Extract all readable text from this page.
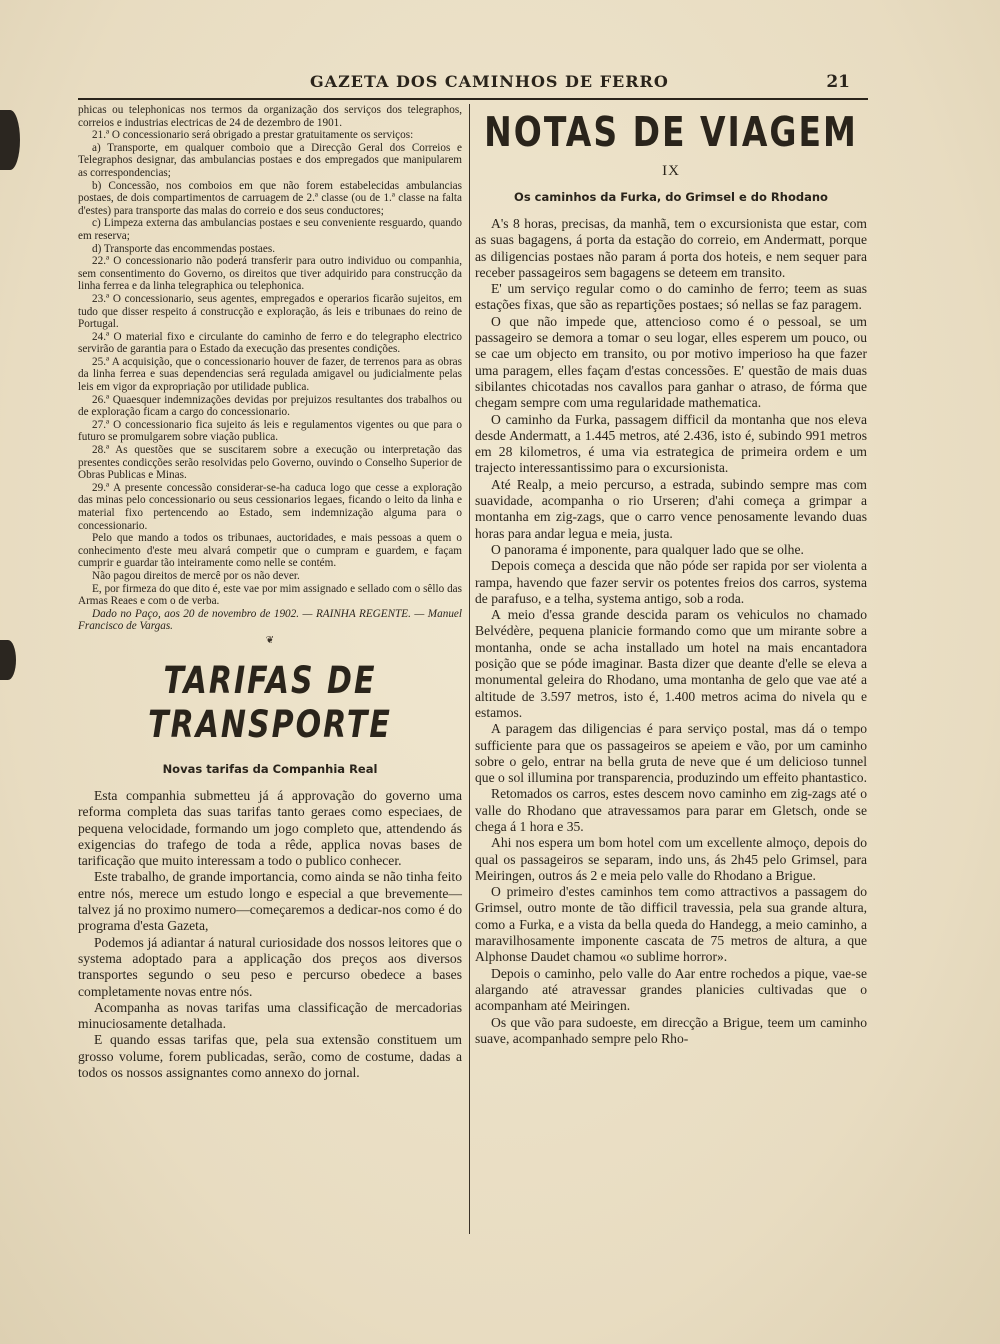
GAZETA DOS CAMINHOS DE FERRO	21

phicas ou telephonicas nos termos da organização dos serviços dos telegraphos, correios e industrias electricas de 24 de dezembro de 1901.

21.ª O concessionario será obrigado a prestar gratuitamente os serviços:

a) Transporte, em qualquer comboio que a Direcção Geral dos Correios e Telegraphos designar, das ambulancias postaes e dos empregados que manipularem as correspondencias;

b) Concessão, nos comboios em que não forem estabelecidas ambulancias postaes, de dois compartimentos de carruagem de 2.ª classe (ou de 1.ª classe na falta d'estes) para transporte das malas do correio e dos seus conductores;

c) Limpeza externa das ambulancias postaes e seu conveniente resguardo, quando em reserva;

d) Transporte das encommendas postaes.

22.ª O concessionario não poderá transferir para outro individuo ou companhia, sem consentimento do Governo, os direitos que tiver adquirido para construcção da linha ferrea e da linha telegraphica ou telephonica.

23.ª O concessionario, seus agentes, empregados e operarios ficarão sujeitos, em tudo que disser respeito á construcção e exploração, ás leis e tribunaes do reino de Portugal.

24.ª O material fixo e circulante do caminho de ferro e do telegrapho electrico servirão de garantia para o Estado da execução das presentes condições.

25.ª A acquisição, que o concessionario houver de fazer, de terrenos para as obras da linha ferrea e suas dependencias será regulada amigavel ou judicialmente pelas leis em vigor da expropriação por utilidade publica.

26.ª Quaesquer indemnizações devidas por prejuizos resultantes dos trabalhos ou de exploração ficam a cargo do concessionario.

27.ª O concessionario fica sujeito ás leis e regulamentos vigentes ou que para o futuro se promulgarem sobre viação publica.

28.ª As questões que se suscitarem sobre a execução ou interpretação das presentes condicções serão resolvidas pelo Governo, ouvindo o Conselho Superior de Obras Publicas e Minas.

29.ª A presente concessão considerar-se-ha caduca logo que cesse a exploração das minas pelo concessionario ou seus cessionarios legaes, ficando o leito da linha e material fixo pertencendo ao Estado, sem indemnização alguma para o concessionario.

Pelo que mando a todos os tribunaes, auctoridades, e mais pessoas a quem o conhecimento d'este meu alvará competir que o cumpram e guardem, e façam cumprir e guardar tão inteiramente como nelle se contém.

Não pagou direitos de mercê por os não dever.

E, por firmeza do que dito é, este vae por mim assignado e sellado com o sêllo das Armas Reaes e com o de verba.

Dado no Paço, aos 20 de novembro de 1902. — RAINHA REGENTE. — Manuel Francisco de Vargas.

❦
TARIFAS DE TRANSPORTE
Novas tarifas da Companhia Real

Esta companhia submetteu já á approvação do governo uma reforma completa das suas tarifas tanto geraes como especiaes, de pequena velocidade, formando um jogo completo que, attendendo ás exigencias do trafego de toda a rêde, applica novas bases de tarificação que muito interessam a todo o publico conhecer.

Este trabalho, de grande importancia, como ainda se não tinha feito entre nós, merece um estudo longo e especial a que brevemente—talvez já no proximo numero—começaremos a dedicar-nos como é do programa d'esta Gazeta,

Podemos já adiantar á natural curiosidade dos nossos leitores que o systema adoptado para a applicação dos preços aos diversos transportes segundo o seu peso e percurso obedece a bases completamente novas entre nós.

Acompanha as novas tarifas uma classificação de mercadorias minuciosamente detalhada.

E quando essas tarifas que, pela sua extensão constituem um grosso volume, forem publicadas, serão, como de costume, dadas a todos os nossos assignantes como annexo do jornal.

NOTAS DE VIAGEM
IX
Os caminhos da Furka, do Grimsel e do Rhodano

A's 8 horas, precisas, da manhã, tem o excursionista que estar, com as suas bagagens, á porta da estação do correio, em Andermatt, porque as diligencias postaes não param á porta dos hoteis, e nem sequer para receber passageiros sem bagagens se deteem em transito.

E' um serviço regular como o do caminho de ferro; teem as suas estações fixas, que são as repartições postaes; só nellas se faz paragem.

O que não impede que, attencioso como é o pessoal, se um passageiro se demora a tomar o seu logar, elles esperem um pouco, ou se cae um objecto em transito, ou por motivo imperioso ha que fazer uma paragem, elles façam d'estas concessões. E' questão de mais duas sibilantes chicotadas nos cavallos para ganhar o atraso, de fórma que chegam sempre com uma regularidade mathematica.

O caminho da Furka, passagem difficil da montanha que nos eleva desde Andermatt, a 1.445 metros, até 2.436, isto é, subindo 991 metros em 28 kilometros, é uma via estrategica de primeira ordem e um trajecto interessantissimo para o excursionista.

Até Realp, a meio percurso, a estrada, subindo sempre mas com suavidade, acompanha o rio Urseren; d'ahi começa a grimpar a montanha em zig-zags, que o carro vence penosamente levando duas horas para andar legua e meia, justa.

O panorama é imponente, para qualquer lado que se olhe.

Depois começa a descida que não póde ser rapida por ser violenta a rampa, havendo que fazer servir os potentes freios dos carros, systema de parafuso, e a telha, systema antigo, sob a roda.

A meio d'essa grande descida param os vehiculos no chamado Belvédère, pequena planicie formando como que um mirante sobre a montanha, onde se acha installado um hotel na mais encantadora posição que se póde imaginar. Basta dizer que deante d'elle se eleva a monumental geleira do Rhodano, uma montanha de gelo que vae até a altitude de 3.597 metros, isto é, 1.400 metros acima do nivela qu e estamos.

A paragem das diligencias é para serviço postal, mas dá o tempo sufficiente para que os passageiros se apeiem e vão, por um caminho sobre o gelo, entrar na bella gruta de neve que é um delicioso tunnel que o sol illumina por transparencia, produzindo um effeito phantastico.

Retomados os carros, estes descem novo caminho em zig-zags até o valle do Rhodano que atravessamos para parar em Gletsch, onde se chega á 1 hora e 35.

Ahi nos espera um bom hotel com um excellente almoço, depois do qual os passageiros se separam, indo uns, ás 2h45 pelo Grimsel, para Meiringen, outros ás 2 e meia pelo valle do Rhodano a Brigue.

O primeiro d'estes caminhos tem como attractivos a passagem do Grimsel, outro monte de tão difficil travessia, pela sua grande altura, como a Furka, e a vista da bella queda do Handegg, a meio caminho, a maravilhosamente imponente cascata de 75 metros de altura, a que Alphonse Daudet chamou «o sublime horror».

Depois o caminho, pelo valle do Aar entre rochedos a pique, vae-se alargando até atravessar grandes planicies cultivadas que o acompanham até Meiringen.

Os que vão para sudoeste, em direcção a Brigue, teem um caminho suave, acompanhado sempre pelo Rho-
